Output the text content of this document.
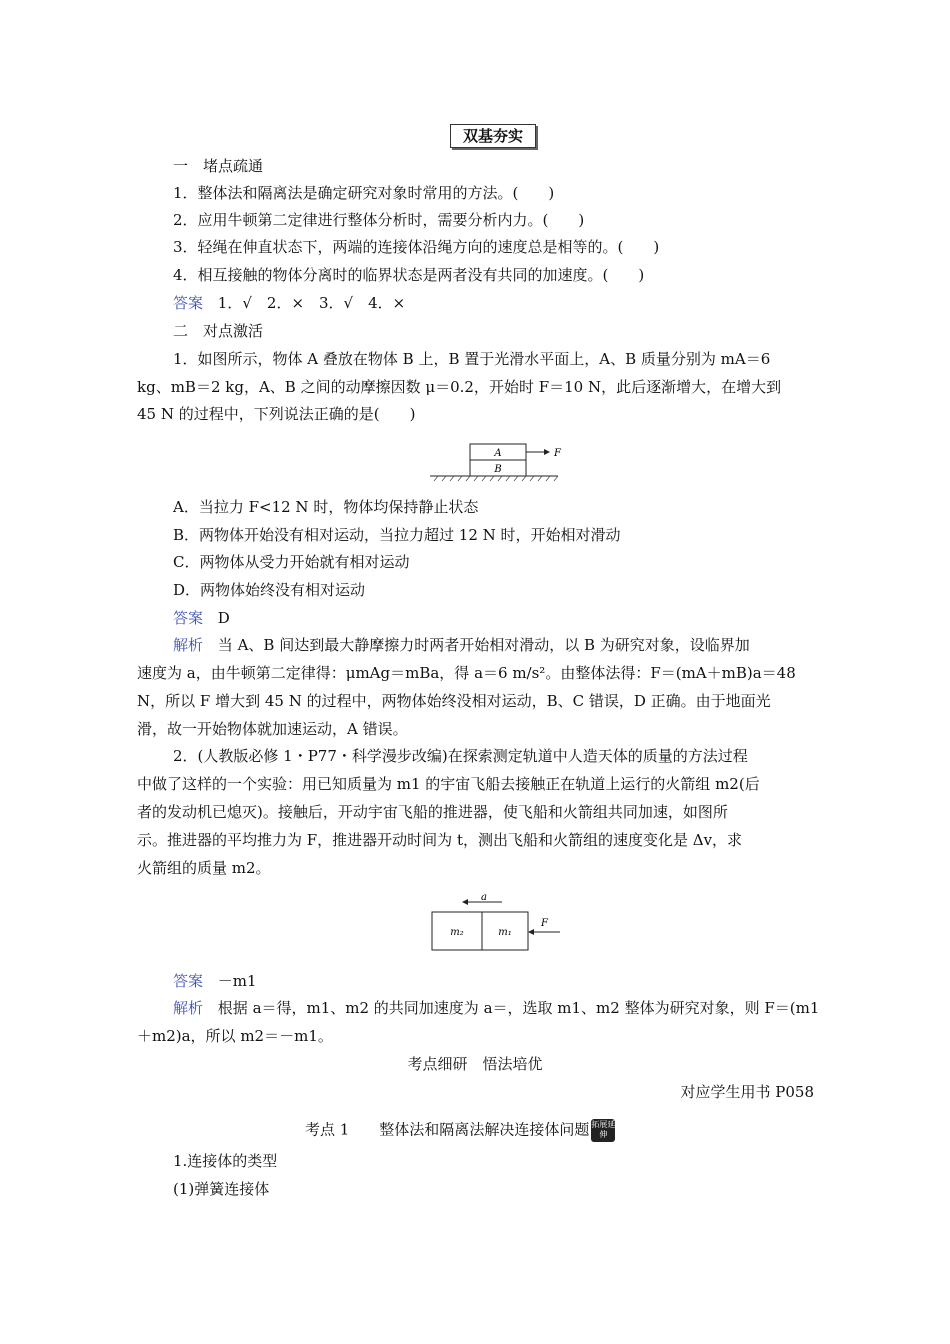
双基夯实
一　堵点疏通
1．整体法和隔离法是确定研究对象时常用的方法。(　　)
2．应用牛顿第二定律进行整体分析时，需要分析内力。(　　)
3．轻绳在伸直状态下，两端的连接体沿绳方向的速度总是相等的。(　　)
4．相互接触的物体分离时的临界状态是两者没有共同的加速度。(　　)
答案 1．√　2．×　3．√　4．×
二　对点激活
1．如图所示，物体 A 叠放在物体 B 上，B 置于光滑水平面上，A、B 质量分别为 mA＝6
kg、mB＝2 kg，A、B 之间的动摩擦因数 μ＝0.2，开始时 F＝10 N，此后逐渐增大，在增大到
45 N 的过程中，下列说法正确的是(　　)
A
B
F
A．当拉力 F<12 N 时，物体均保持静止状态
B．两物体开始没有相对运动，当拉力超过 12 N 时，开始相对滑动
C．两物体从受力开始就有相对运动
D．两物体始终没有相对运动
答案 D
解析 当 A、B 间达到最大静摩擦力时两者开始相对滑动，以 B 为研究对象，设临界加
速度为 a，由牛顿第二定律得：μmAg＝mBa，得 a＝6 m/s²。由整体法得：F＝(mA＋mB)a＝48
N，所以 F 增大到 45 N 的过程中，两物体始终没相对运动，B、C 错误，D 正确。由于地面光
滑，故一开始物体就加速运动，A 错误。
2．(人教版必修 1・P77・科学漫步改编)在探索测定轨道中人造天体的质量的方法过程
中做了这样的一个实验：用已知质量为 m1 的宇宙飞船去接触正在轨道上运行的火箭组 m2(后
者的发动机已熄灭)。接触后，开动宇宙飞船的推进器，使飞船和火箭组共同加速，如图所
示。推进器的平均推力为 F，推进器开动时间为 t，测出飞船和火箭组的速度变化是 Δv，求
火箭组的质量 m2。
a
m₂	m₁
F
答案 －m1
解析 根据 a＝得，m1、m2 的共同加速度为 a＝，选取 m1、m2 整体为研究对象，则 F＝(m1
＋m2)a，所以 m2＝－m1。
考点细研　悟法培优
对应学生用书 P058
考点 1　　整体法和隔离法解决连接体问题 拓展延伸
1.连接体的类型
(1)弹簧连接体
